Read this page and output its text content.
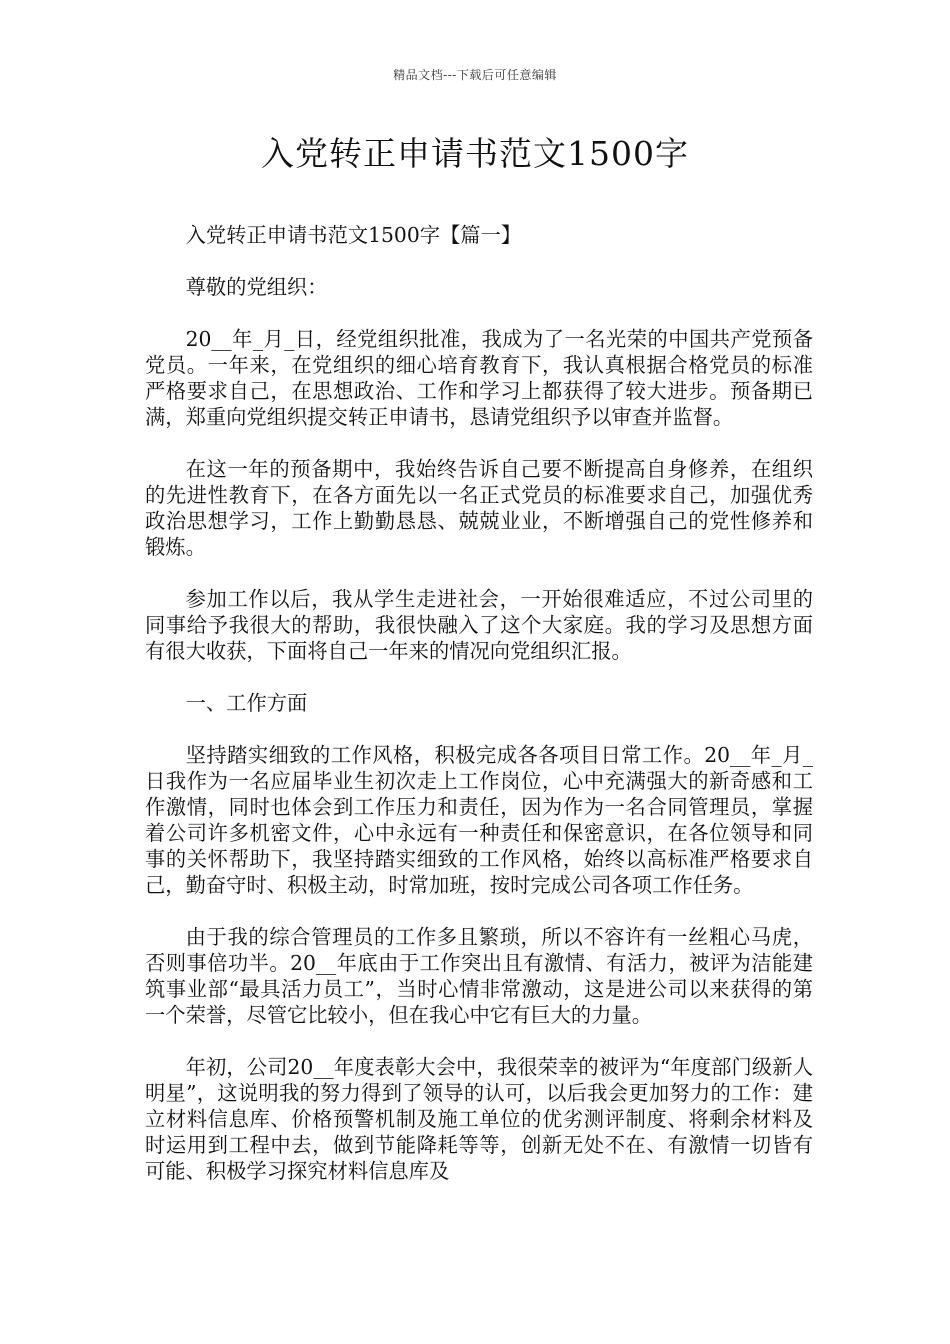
精品文档---下载后可任意编辑
入党转正申请书范文1500字

入党转正申请书范文1500字【篇一】

尊敬的党组织：

20__年_月_日，经党组织批准，我成为了一名光荣的中国共产党预备党员。一年来，在党组织的细心培育教育下，我认真根据合格党员的标准严格要求自己，在思想政治、工作和学习上都获得了较大进步。预备期已满，郑重向党组织提交转正申请书，恳请党组织予以审查并监督。

在这一年的预备期中，我始终告诉自己要不断提高自身修养，在组织的先进性教育下，在各方面先以一名正式党员的标准要求自己，加强优秀政治思想学习，工作上勤勤恳恳、兢兢业业，不断增强自己的党性修养和锻炼。

参加工作以后，我从学生走进社会，一开始很难适应，不过公司里的同事给予我很大的帮助，我很快融入了这个大家庭。我的学习及思想方面有很大收获，下面将自己一年来的情况向党组织汇报。

一、工作方面

坚持踏实细致的工作风格，积极完成各各项目日常工作。20__年_月_日我作为一名应届毕业生初次走上工作岗位，心中充满强大的新奇感和工作激情，同时也体会到工作压力和责任，因为作为一名合同管理员，掌握着公司许多机密文件，心中永远有一种责任和保密意识，在各位领导和同事的关怀帮助下，我坚持踏实细致的工作风格，始终以高标准严格要求自己，勤奋守时、积极主动，时常加班，按时完成公司各项工作任务。

由于我的综合管理员的工作多且繁琐，所以不容许有一丝粗心马虎，否则事倍功半。20__年底由于工作突出且有激情、有活力，被评为洁能建筑事业部“最具活力员工”，当时心情非常激动，这是进公司以来获得的第一个荣誉，尽管它比较小，但在我心中它有巨大的力量。

年初，公司20__年度表彰大会中，我很荣幸的被评为“年度部门级新人明星”，这说明我的努力得到了领导的认可，以后我会更加努力的工作：建立材料信息库、价格预警机制及施工单位的优劣测评制度、将剩余材料及时运用到工程中去，做到节能降耗等等，创新无处不在、有激情一切皆有可能、积极学习探究材料信息库及
